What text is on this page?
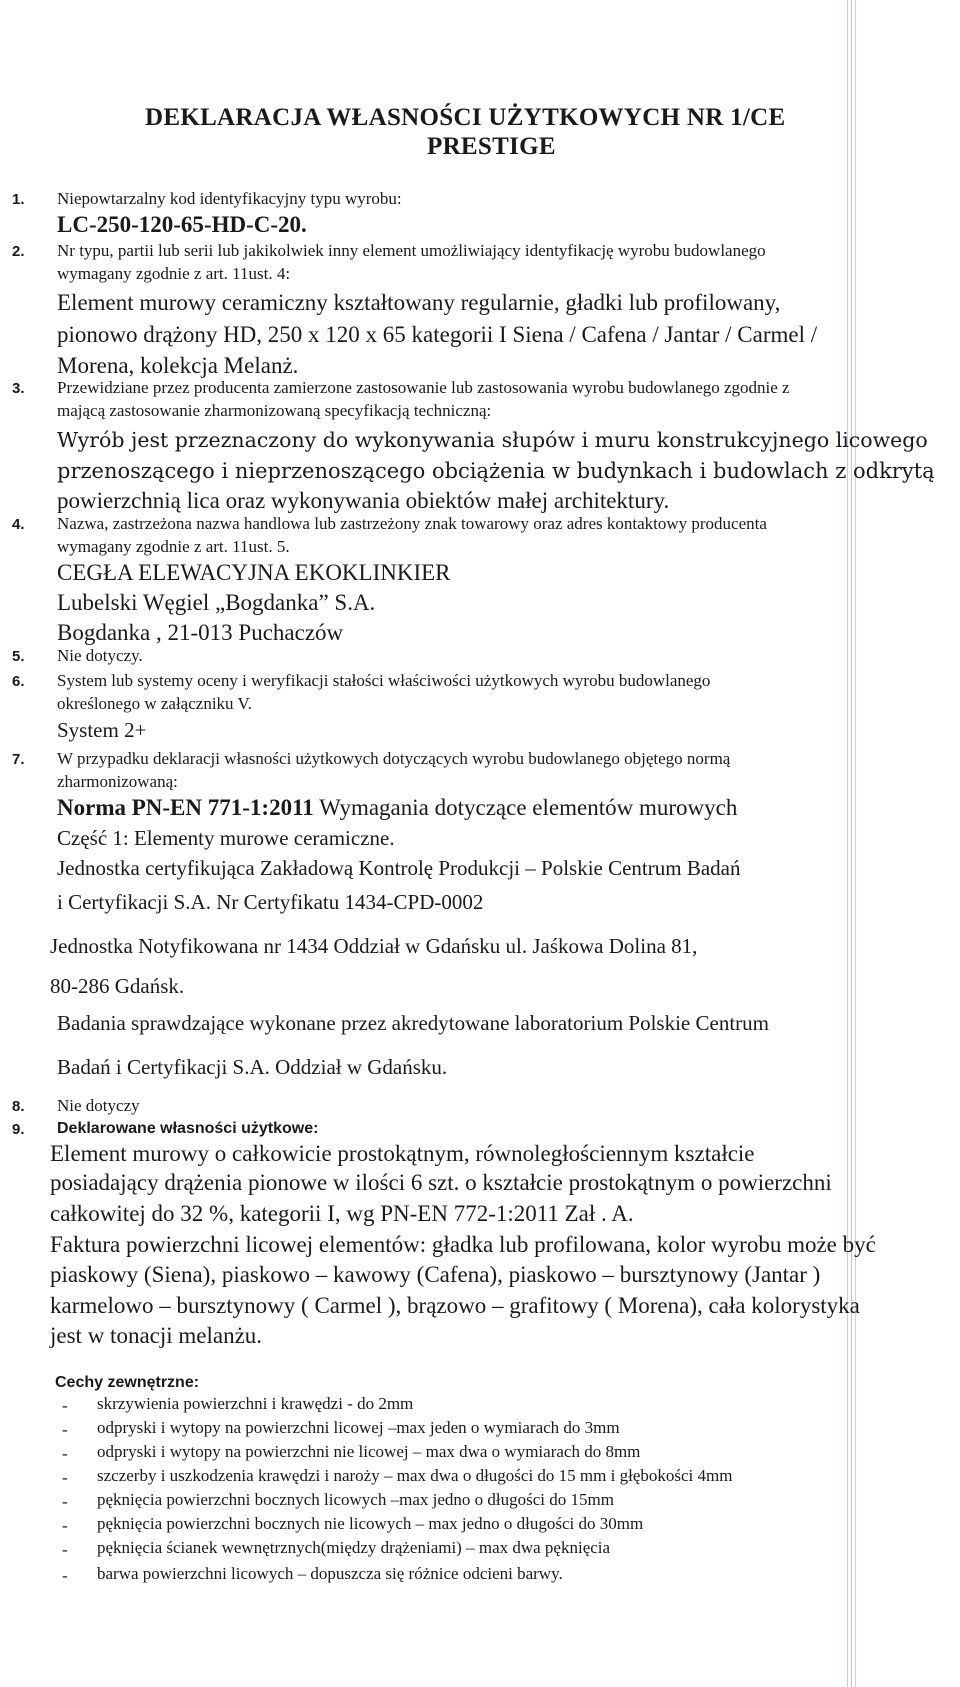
DEKLARACJA WŁASNOŚCI UŻYTKOWYCH NR 1/CE
PRESTIGE
1. Niepowtarzalny kod identyfikacyjny typu wyrobu:
LC-250-120-65-HD-C-20.
2. Nr typu, partii lub serii lub jakikolwiek inny element umożliwiający identyfikację wyrobu budowlanego
wymagany zgodnie z art. 11ust. 4:
Element murowy ceramiczny kształtowany regularnie, gładki lub profilowany,
pionowo drążony HD, 250 x 120 x 65 kategorii I Siena / Cafena / Jantar / Carmel /
Morena, kolekcja Melanż.
3. Przewidziane przez producenta zamierzone zastosowanie lub zastosowania wyrobu budowlanego zgodnie z
mającą zastosowanie zharmonizowaną specyfikacją techniczną:
Wyrób jest przeznaczony do wykonywania słupów i muru konstrukcyjnego licowego
przenoszącego i nieprzenoszącego obciążenia w budynkach i budowlach z odkrytą
powierzchnią lica oraz wykonywania obiektów małej architektury.
4. Nazwa, zastrzeżona nazwa handlowa lub zastrzeżony znak towarowy oraz adres kontaktowy producenta
wymagany zgodnie z art. 11ust. 5.
CEGŁA ELEWACYJNA EKOKLINKIER
Lubelski Węgiel „Bogdanka” S.A.
Bogdanka , 21-013 Puchaczów
5. Nie dotyczy.
6. System lub systemy oceny i weryfikacji stałości właściwości użytkowych wyrobu budowlanego
określonego w załączniku V.
System 2+
7. W przypadku deklaracji własności użytkowych dotyczących wyrobu budowlanego objętego normą
zharmonizowaną:
Norma PN-EN 771-1:2011 Wymagania dotyczące elementów murowych
Część 1: Elementy murowe ceramiczne.
Jednostka certyfikująca Zakładową Kontrolę Produkcji – Polskie Centrum Badań
i Certyfikacji S.A. Nr Certyfikatu 1434-CPD-0002
Jednostka Notyfikowana nr 1434 Oddział w Gdańsku ul. Jaśkowa Dolina 81,
80-286 Gdańsk.
Badania sprawdzające wykonane przez akredytowane laboratorium Polskie Centrum
Badań i Certyfikacji S.A. Oddział w Gdańsku.
8. Nie dotyczy
9. Deklarowane własności użytkowe:
Element murowy o całkowicie prostokątnym, równoległościennym kształcie
posiadający drążenia pionowe w ilości 6 szt. o kształcie prostokątnym o powierzchni
całkowitej do 32 %, kategorii I, wg PN-EN 772-1:2011 Zał . A.
Faktura powierzchni licowej elementów: gładka lub profilowana, kolor wyrobu może być
piaskowy (Siena), piaskowo – kawowy (Cafena), piaskowo – bursztynowy (Jantar )
karmelowo – bursztynowy ( Carmel ), brązowo – grafitowy ( Morena), cała kolorystyka
jest w tonacji melanżu.
Cechy zewnętrzne:
- skrzywienia powierzchni i krawędzi - do 2mm
- odpryski i wytopy na powierzchni licowej –max jeden o wymiarach do 3mm
- odpryski i wytopy na powierzchni nie licowej – max dwa o wymiarach do 8mm
- szczerby i uszkodzenia krawędzi i naroży – max dwa o długości do 15 mm i głębokości 4mm
- pęknięcia powierzchni bocznych licowych –max jedno o długości do 15mm
- pęknięcia powierzchni bocznych nie licowych – max jedno o długości do 30mm
- pęknięcia ścianek wewnętrznych(między drążeniami) – max dwa pęknięcia
- barwa powierzchni licowych – dopuszcza się różnice odcieni barwy.
